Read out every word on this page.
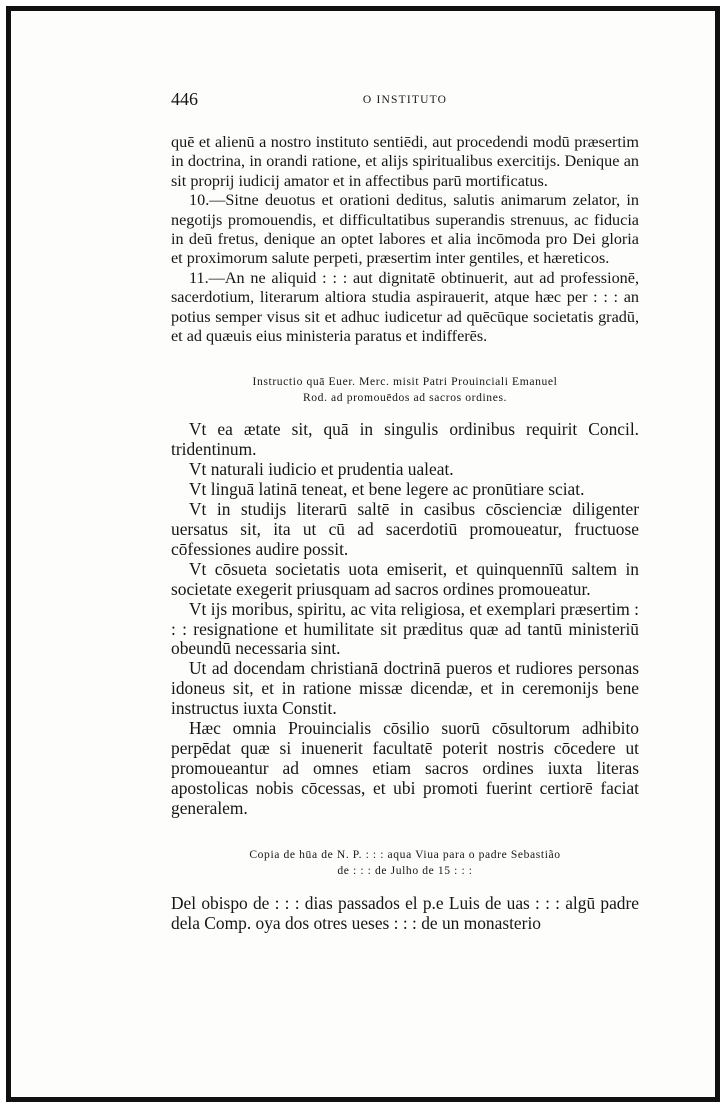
446	O INSTITUTO

quē et alienū a nostro instituto sentiēdi, aut procedendi modū præsertim in doctrina, in orandi ratione, et alijs spiritualibus exercitijs. Denique an sit proprij iudicij amator et in affectibus parū mortificatus.

10.—Sitne deuotus et orationi deditus, salutis animarum zelator, in negotijs promouendis, et difficultatibus superandis strenuus, ac fiducia in deū fretus, denique an optet labores et alia incōmoda pro Dei gloria et proximorum salute perpeti, præsertim inter gentiles, et hæreticos.

11.—An ne aliquid : : : aut dignitatē obtinuerit, aut ad professionē, sacerdotium, literarum altiora studia aspirauerit, atque hæc per : : : an potius semper visus sit et adhuc iudicetur ad quēcūque societatis gradū, et ad quæuis eius ministeria paratus et indifferēs.

Instructio quā Euer. Merc. misit Patri Prouinciali Emanuel
Rod. ad promouēdos ad sacros ordines.

Vt ea ætate sit, quā in singulis ordinibus requirit Concil. tridentinum.

Vt naturali iudicio et prudentia ualeat.

Vt linguā latinā teneat, et bene legere ac pronūtiare sciat.

Vt in studijs literarū saltē in casibus cōscienciæ diligenter uersatus sit, ita ut cū ad sacerdotiū promoueatur, fructuose cōfessiones audire possit.

Vt cōsueta societatis uota emiserit, et quinquennīū saltem in societate exegerit priusquam ad sacros ordines promoueatur.

Vt ijs moribus, spiritu, ac vita religiosa, et exemplari præsertim : : : resignatione et humilitate sit præditus quæ ad tantū ministeriū obeundū necessaria sint.

Ut ad docendam christianā doctrinā pueros et rudiores personas idoneus sit, et in ratione missæ dicendæ, et in ceremonijs bene instructus iuxta Constit.

Hæc omnia Prouincialis cōsilio suorū cōsultorum adhibito perpēdat quæ si inuenerit facultatē poterit nostris cōcedere ut promoueantur ad omnes etiam sacros ordines iuxta literas apostolicas nobis cōcessas, et ubi promoti fuerint certiorē faciat generalem.

Copia de hūa de N. P. : : : aqua Viua para o padre Sebastião
de : : : de Julho de 15 : : :

Del obispo de : : : dias passados el p.e Luis de uas : : : algū padre dela Comp. oya dos otres ueses : : : de un monasterio
